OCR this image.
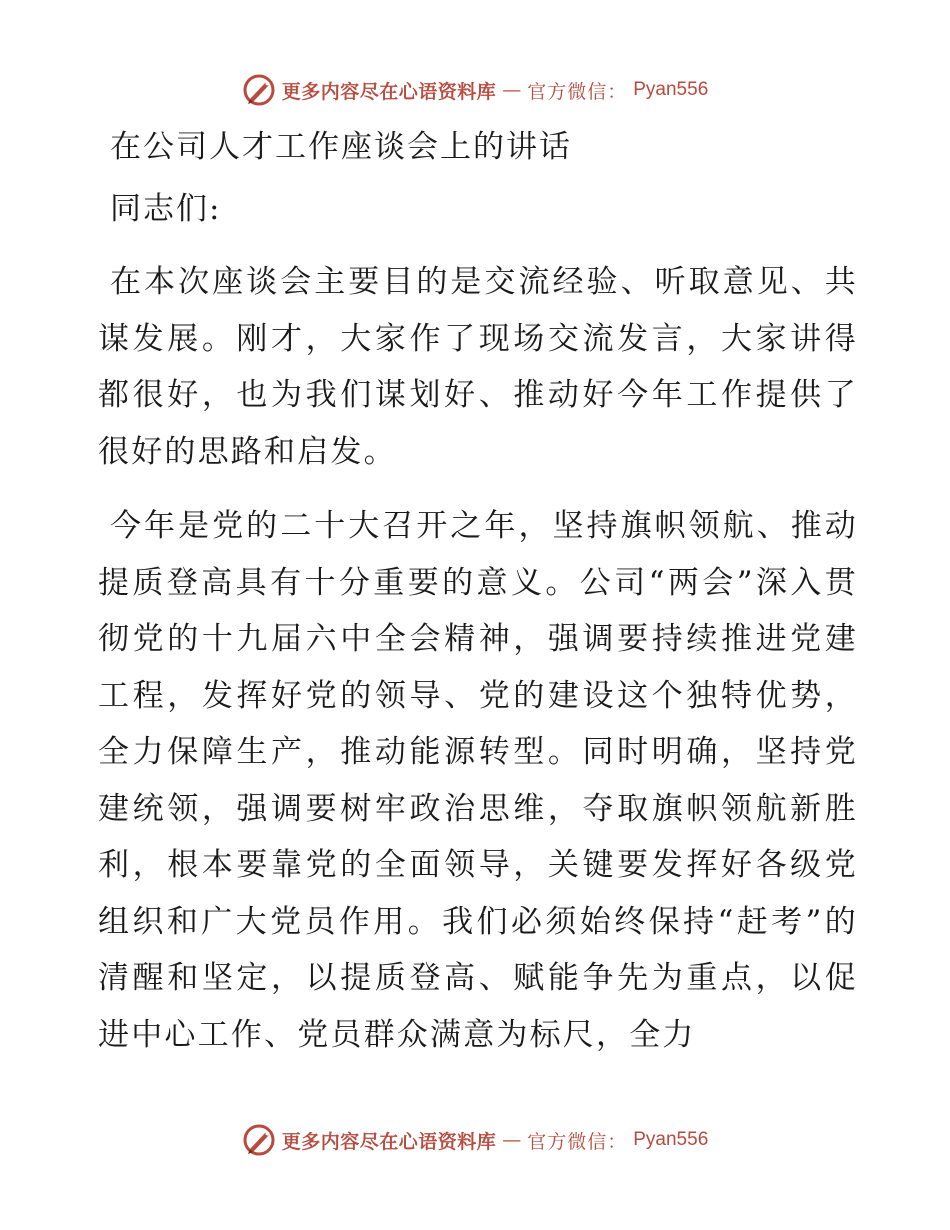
更多内容尽在心语资料库 — 官方微信： Pyan556
在公司人才工作座谈会上的讲话

同志们:

在本次座谈会主要目的是交流经验、听取意见、共谋发展。刚才，大家作了现场交流发言，大家讲得都很好，也为我们谋划好、推动好今年工作提供了很好的思路和启发。

今年是党的二十大召开之年，坚持旗帜领航、推动提质登高具有十分重要的意义。公司“两会”深入贯彻党的十九届六中全会精神，强调要持续推进党建工程，发挥好党的领导、党的建设这个独特优势，全力保障生产，推动能源转型。同时明确，坚持党建统领，强调要树牢政治思维，夺取旗帜领航新胜利，根本要靠党的全面领导，关键要发挥好各级党组织和广大党员作用。我们必须始终保持“赶考”的清醒和坚定，以提质登高、赋能争先为重点，以促进中心工作、党员群众满意为标尺，全力

更多内容尽在心语资料库 — 官方微信： Pyan556
